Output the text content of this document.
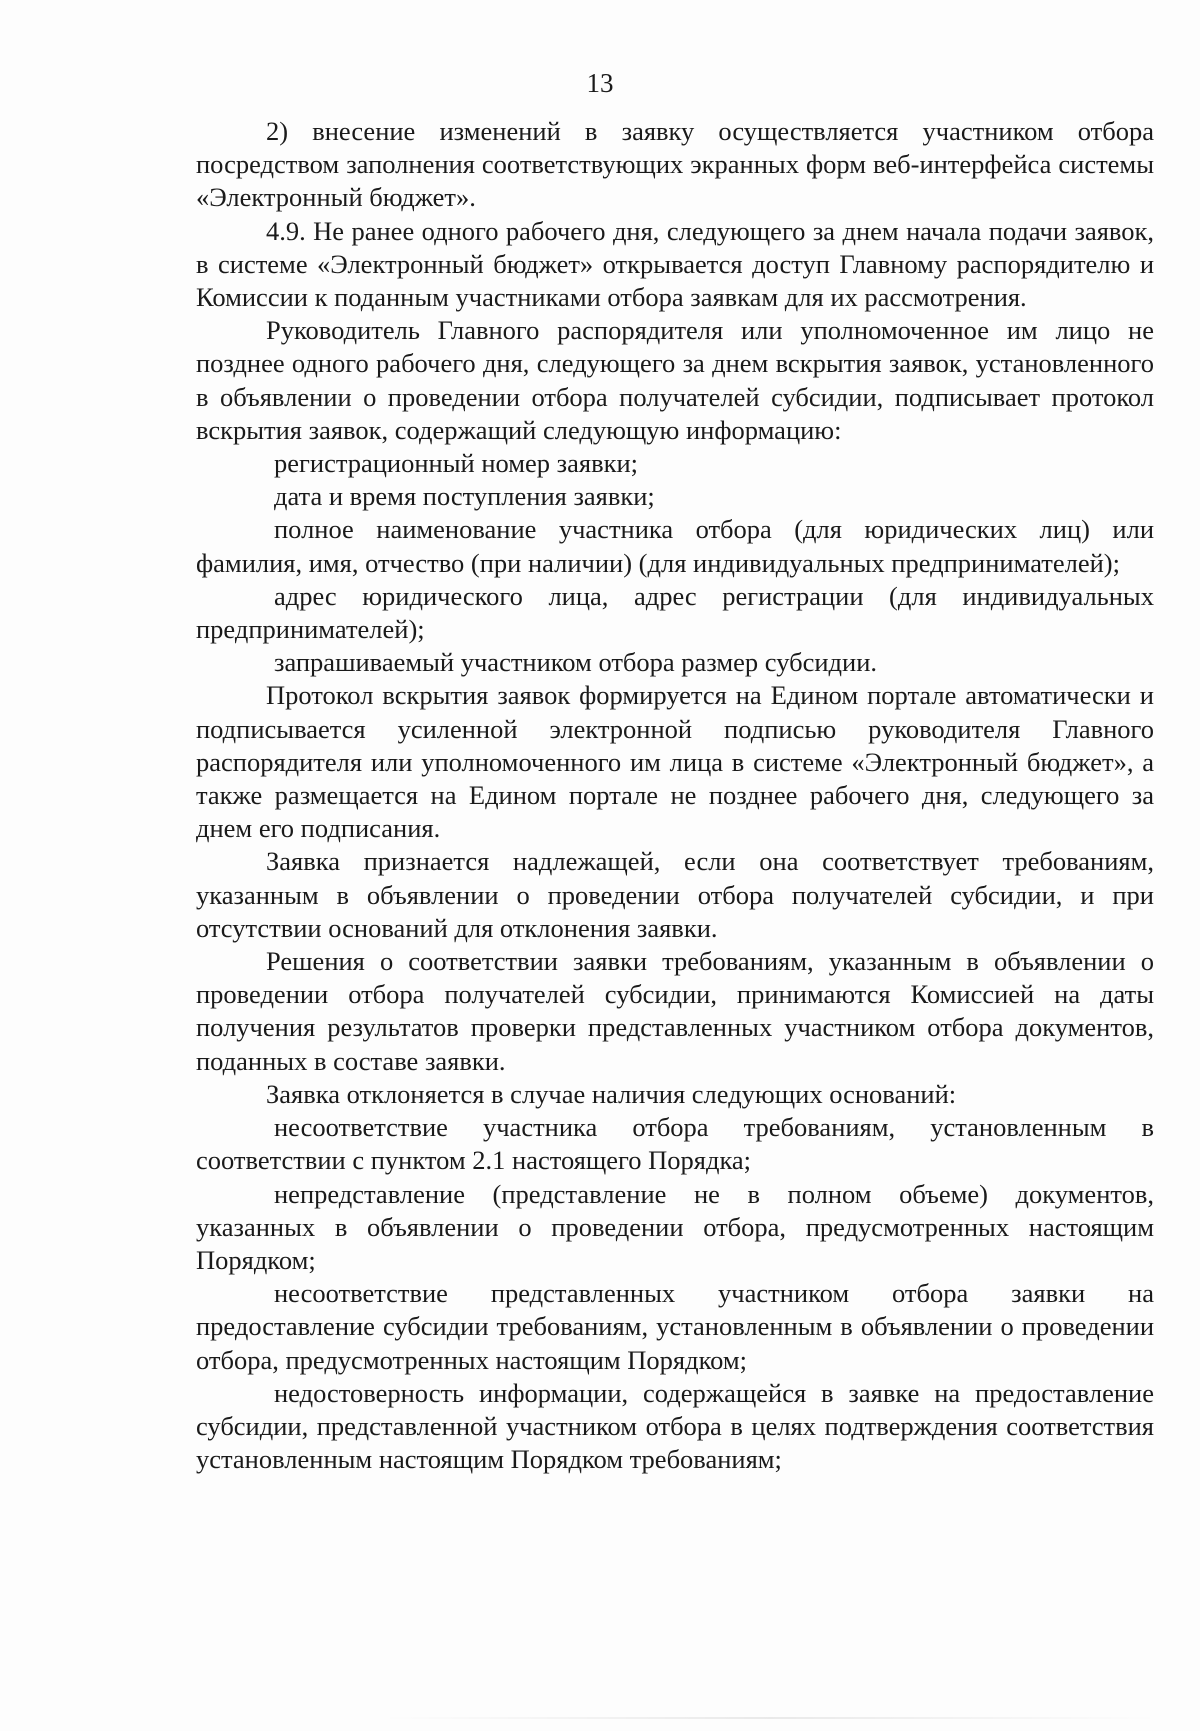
13

2) внесение изменений в заявку осуществляется участником отбора посредством заполнения соответствующих экранных форм веб-интерфейса системы «Электронный бюджет».

4.9. Не ранее одного рабочего дня, следующего за днем начала подачи заявок, в системе «Электронный бюджет» открывается доступ Главному распорядителю и Комиссии к поданным участниками отбора заявкам для их рассмотрения.

Руководитель Главного распорядителя или уполномоченное им лицо не позднее одного рабочего дня, следующего за днем вскрытия заявок, установленного в объявлении о проведении отбора получателей субсидии, подписывает протокол вскрытия заявок, содержащий следующую информацию:

регистрационный номер заявки;

дата и время поступления заявки;

полное наименование участника отбора (для юридических лиц) или фамилия, имя, отчество (при наличии) (для индивидуальных предпринимателей);

адрес юридического лица, адрес регистрации (для индивидуальных предпринимателей);

запрашиваемый участником отбора размер субсидии.

Протокол вскрытия заявок формируется на Едином портале автоматически и подписывается усиленной электронной подписью руководителя Главного распорядителя или уполномоченного им лица в системе «Электронный бюджет», а также размещается на Едином портале не позднее рабочего дня, следующего за днем его подписания.

Заявка признается надлежащей, если она соответствует требованиям, указанным в объявлении о проведении отбора получателей субсидии, и при отсутствии оснований для отклонения заявки.

Решения о соответствии заявки требованиям, указанным в объявлении о проведении отбора получателей субсидии, принимаются Комиссией на даты получения результатов проверки представленных участником отбора документов, поданных в составе заявки.

Заявка отклоняется в случае наличия следующих оснований:

несоответствие участника отбора требованиям, установленным в соответствии с пунктом 2.1 настоящего Порядка;

непредставление (представление не в полном объеме) документов, указанных в объявлении о проведении отбора, предусмотренных настоящим Порядком;

несоответствие представленных участником отбора заявки на предоставление субсидии требованиям, установленным в объявлении о проведении отбора, предусмотренных настоящим Порядком;

недостоверность информации, содержащейся в заявке на предоставление субсидии, представленной участником отбора в целях подтверждения соответствия установленным настоящим Порядком требованиям;
